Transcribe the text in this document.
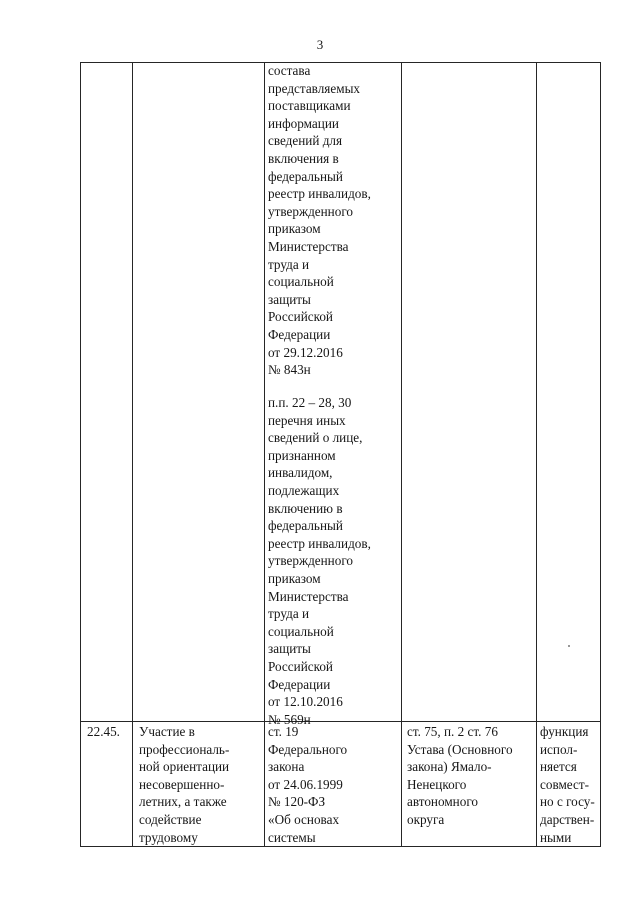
3
состава
представляемых
поставщиками
информации
сведений для
включения в
федеральный
реестр инвалидов,
утвержденного
приказом
Министерства
труда и
социальной
защиты
Российской
Федерации
от 29.12.2016
№ 843н
п.п. 22 – 28, 30
перечня иных
сведений о лице,
признанном
инвалидом,
подлежащих
включению в
федеральный
реестр инвалидов,
утвержденного
приказом
Министерства
труда и
социальной
защиты
Российской
Федерации
от 12.10.2016
№ 569н
22.45.	Участие в
профессиональ-
ной ориентации
несовершенно-
летних, а также
содействие
трудовому
ст. 19
Федерального
закона
от 24.06.1999
№ 120-ФЗ
«Об основах
системы
ст. 75, п. 2 ст. 76
Устава (Основного
закона) Ямало-
Ненецкого
автономного
округа
функция
испол-
няется
совмест-
но с госу-
дарствен-
ными
